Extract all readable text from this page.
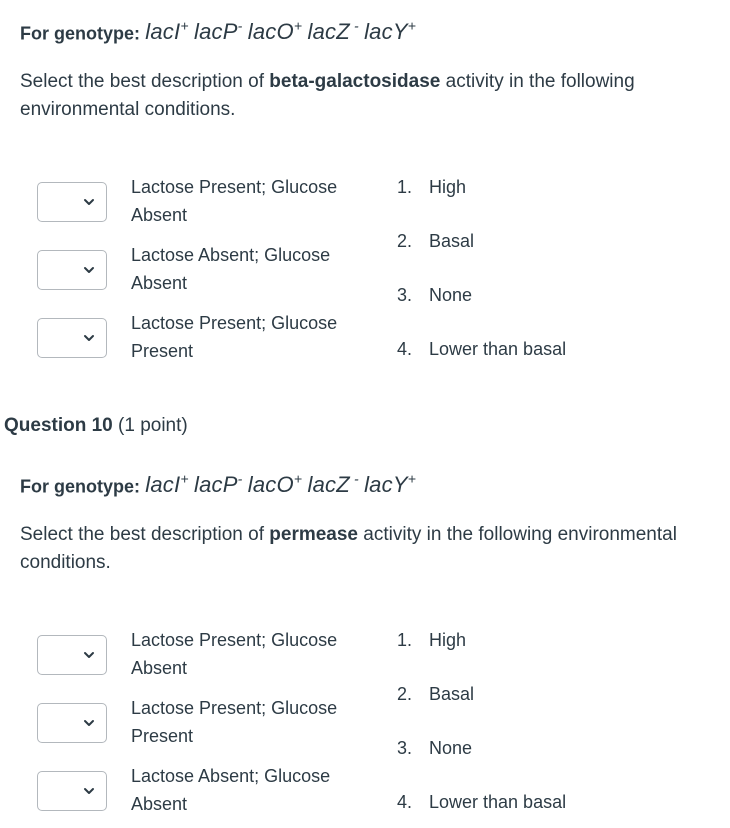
For genotype: lacI+ lacP- lacO+ lacZ - lacY+
Select the best description of beta-galactosidase activity in the following environmental conditions.
Lactose Present; Glucose Absent
Lactose Absent; Glucose Absent
Lactose Present; Glucose Present
1. High
2. Basal
3. None
4. Lower than basal
Question 10 (1 point)
For genotype: lacI+ lacP- lacO+ lacZ - lacY+
Select the best description of permease activity in the following environmental conditions.
Lactose Present; Glucose Absent
Lactose Present; Glucose Present
Lactose Absent; Glucose Absent
1. High
2. Basal
3. None
4. Lower than basal
